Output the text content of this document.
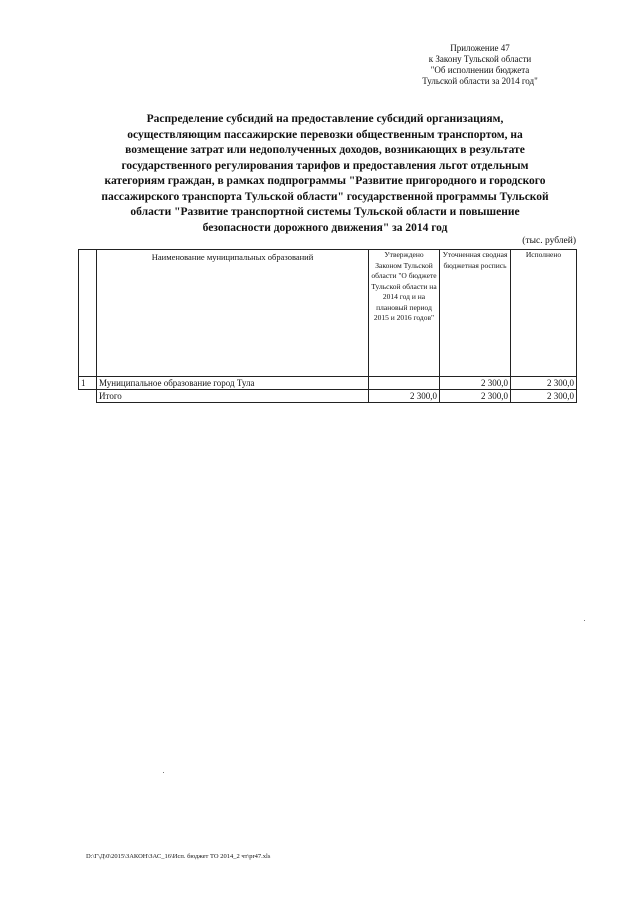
Приложение 47
к Закону Тульской области
"Об исполнении бюджета
Тульской области за 2014 год"
Распределение субсидий на предоставление субсидий организациям,
осуществляющим пассажирские перевозки общественным транспортом, на
возмещение затрат или недополученных доходов, возникающих в результате
государственного регулирования тарифов и предоставления льгот отдельным
категориям граждан, в рамках подпрограммы "Развитие пригородного и городского
пассажирского транспорта Тульской области" государственной программы Тульской
области "Развитие транспортной системы Тульской области и повышение
безопасности дорожного движения" за 2014 год
(тыс. рублей)
	Наименование муниципальных образований	Утверждено Законом Тульской области "О бюджете Тульской области на 2014 год и на плановый период 2015 и 2016 годов"	Уточненная сводная бюджетная роспись	Исполнено
1	Муниципальное образование город Тула		2 300,0	2 300,0
	Итого	2 300,0	2 300,0	2 300,0
D:\Г\Д\0\2015\ЗАКОН\ЗАС_16\Исп. бюджет ТО 2014_2 чт\pr47.xls
